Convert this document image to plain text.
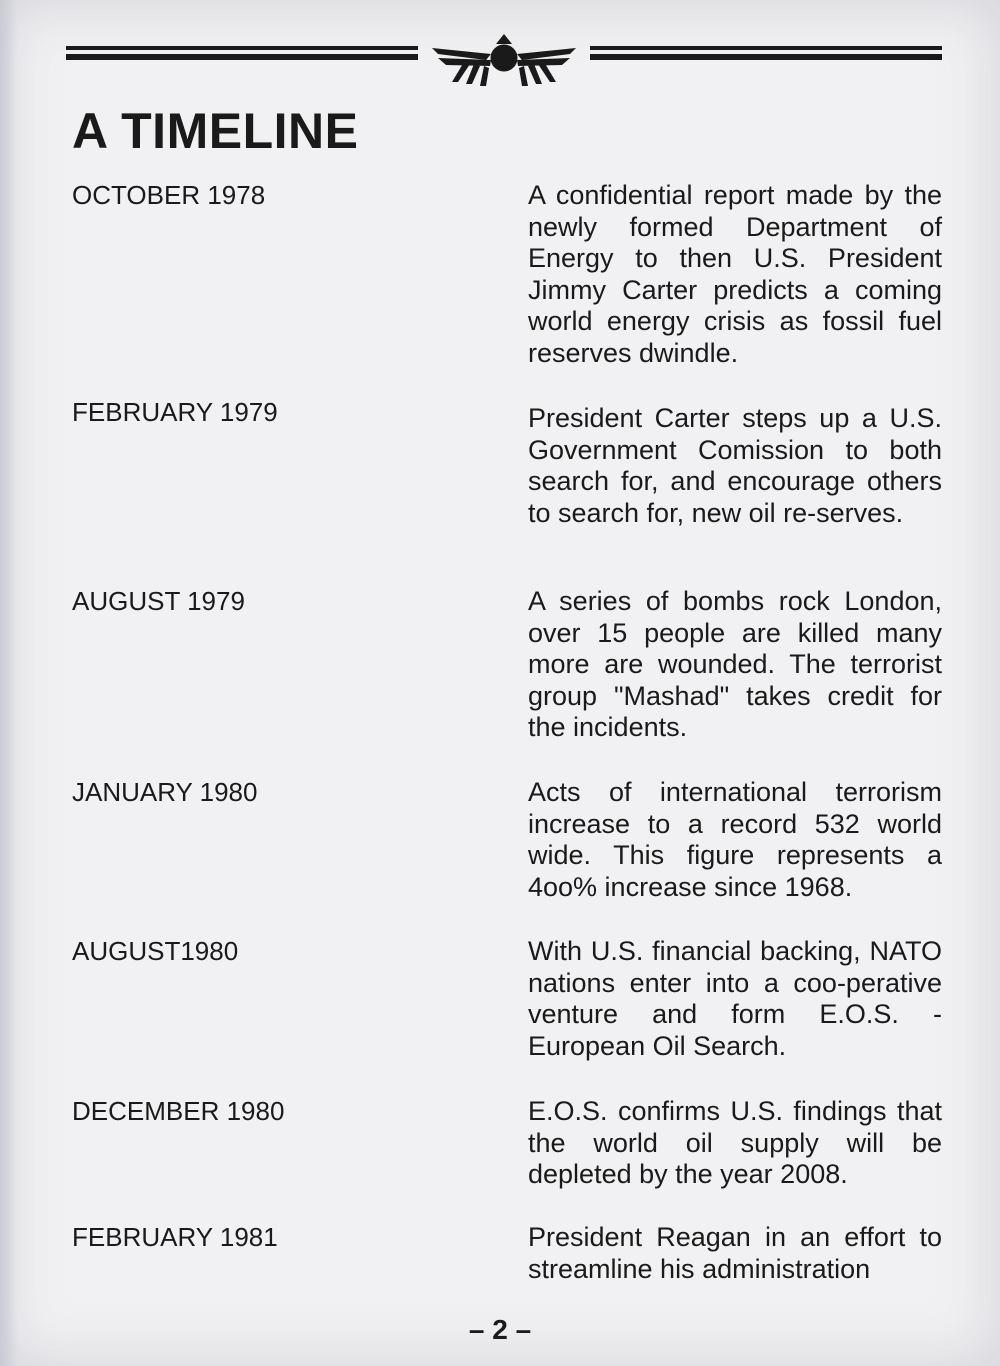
A TIMELINE
OCTOBER 1978	A confidential report made by the newly formed Department of Energy to then U.S. President Jimmy Carter predicts a coming world energy crisis as fossil fuel reserves dwindle.

FEBRUARY 1979	President Carter steps up a U.S. Government Comission to both search for, and encourage others to search for, new oil re-serves.

AUGUST 1979	A series of bombs rock London, over 15 people are killed many more are wounded. The terrorist group "Mashad" takes credit for the incidents.

JANUARY 1980	Acts of international terrorism increase to a record 532 world wide. This figure represents a 4oo% increase since 1968.

AUGUST1980	With U.S. financial backing, NATO nations enter into a coo-perative venture and form E.O.S. - European Oil Search.

DECEMBER 1980	E.O.S. confirms U.S. findings that the world oil supply will be depleted by the year 2008.

FEBRUARY 1981	President Reagan in an effort to streamline his administration

– 2 –
